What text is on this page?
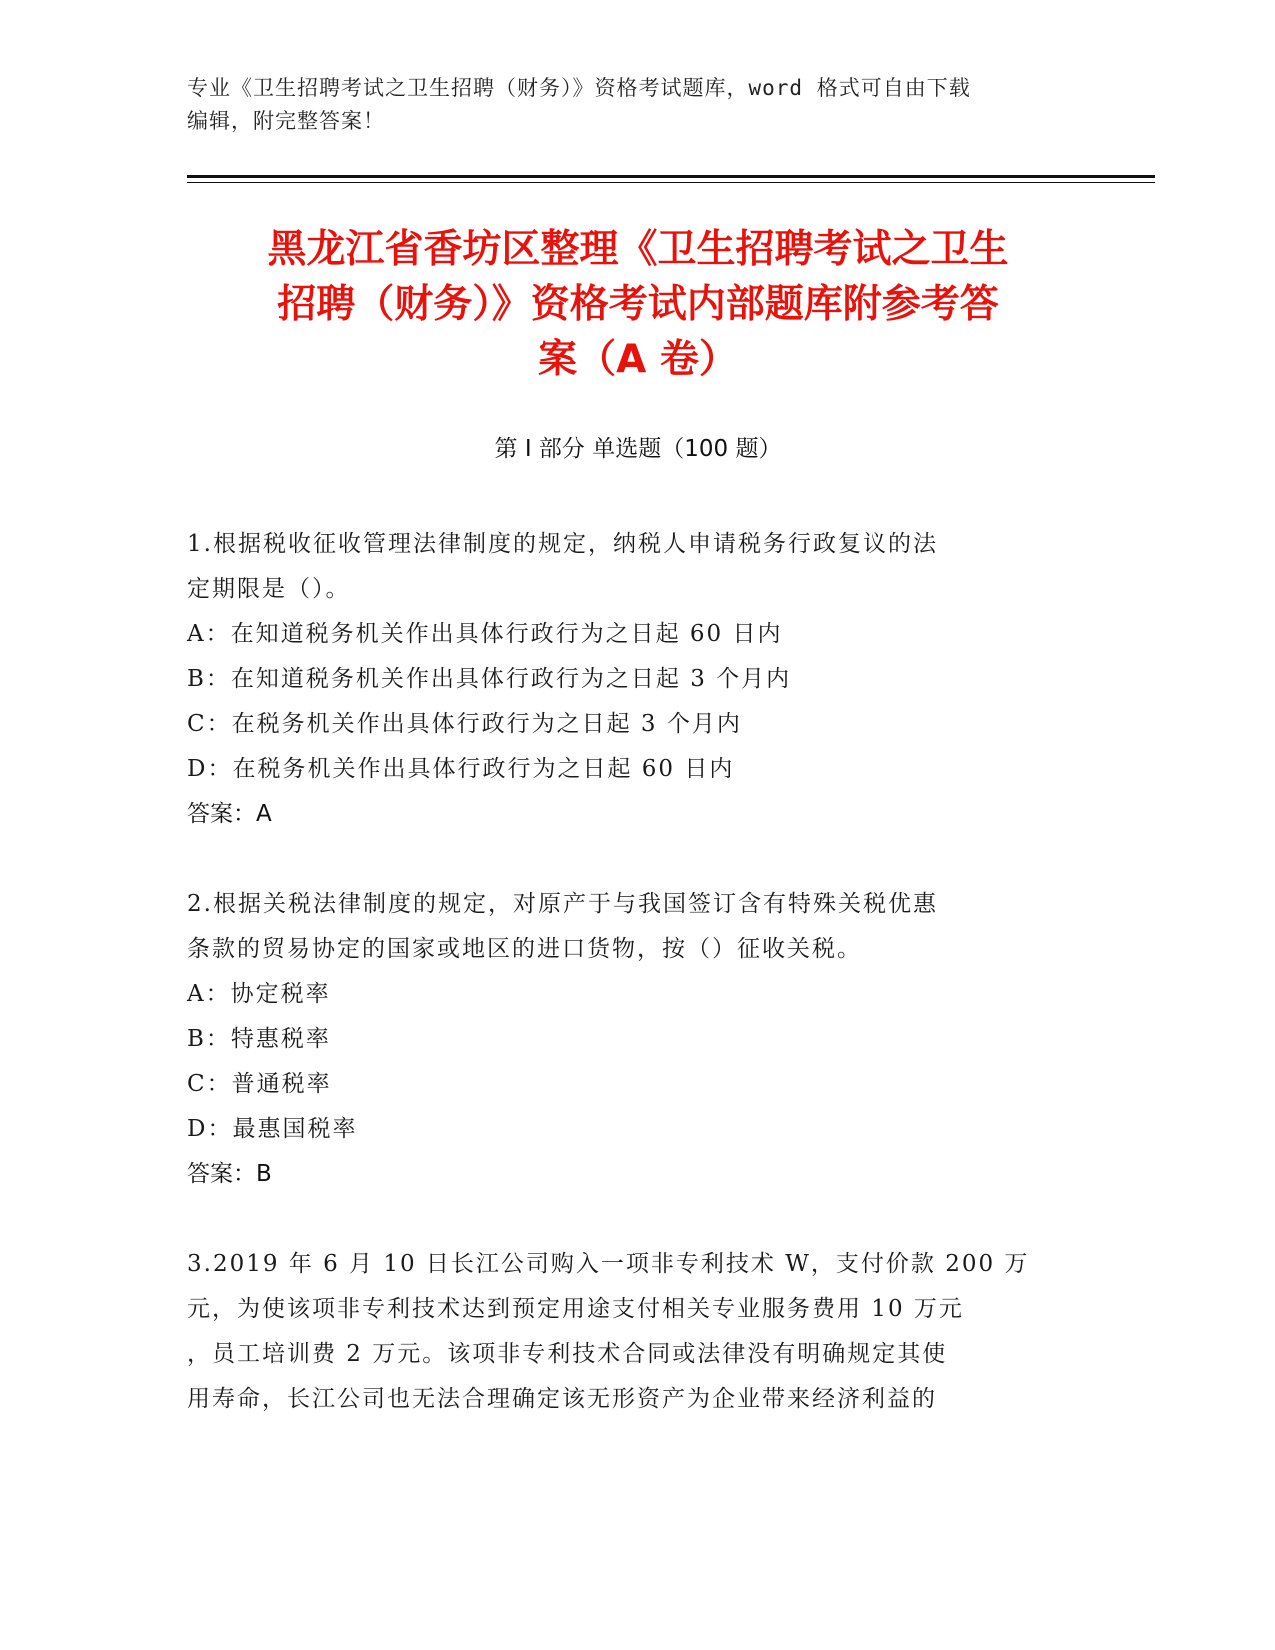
专业《卫生招聘考试之卫生招聘（财务）》资格考试题库，word 格式可自由下载
编辑，附完整答案！
黑龙江省香坊区整理《卫生招聘考试之卫生
招聘（财务）》资格考试内部题库附参考答
案（A 卷）
第 I 部分 单选题（100 题）
1.根据税收征收管理法律制度的规定，纳税人申请税务行政复议的法
定期限是（）。
A：在知道税务机关作出具体行政行为之日起 60 日内
B：在知道税务机关作出具体行政行为之日起 3 个月内
C：在税务机关作出具体行政行为之日起 3 个月内
D：在税务机关作出具体行政行为之日起 60 日内
答案：A
2.根据关税法律制度的规定，对原产于与我国签订含有特殊关税优惠
条款的贸易协定的国家或地区的进口货物，按（）征收关税。
A：协定税率
B：特惠税率
C：普通税率
D：最惠国税率
答案：B
3.2019 年 6 月 10 日长江公司购入一项非专利技术 W，支付价款 200 万
元，为使该项非专利技术达到预定用途支付相关专业服务费用 10 万元
，员工培训费 2 万元。该项非专利技术合同或法律没有明确规定其使
用寿命，长江公司也无法合理确定该无形资产为企业带来经济利益的
